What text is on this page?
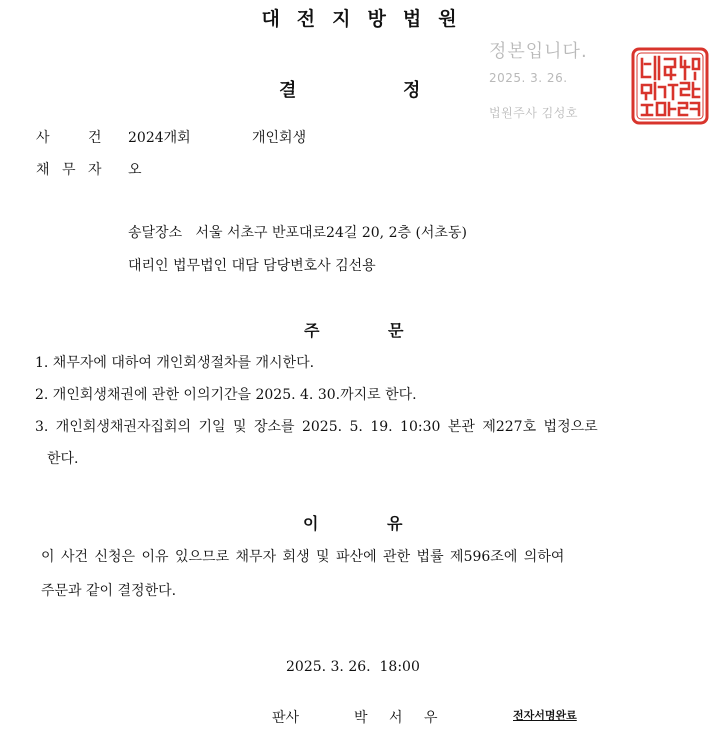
대전지방법원
결	정
정본입니다.
2025. 3. 26.
법원주사 김성호
사	건 2024개회	개인회생
채 무 자 오
송달장소   서울 서초구 반포대로24길 20, 2층 (서초동)
대리인 법무법인 대담 담당변호사 김선용
주	문
1. 채무자에 대하여 개인회생절차를 개시한다.
2. 개인회생채권에 관한 이의기간을 2025. 4. 30.까지로 한다.
3. 개인회생채권자집회의 기일 및 장소를 2025. 5. 19. 10:30 본관 제227호 법정으로
한다.
이	유
이 사건 신청은 이유 있으므로 채무자 회생 및 파산에 관한 법률 제596조에 의하여
주문과 같이 결정한다.
2025. 3. 26.  18:00
판사	박 서 우	전자서명완료
